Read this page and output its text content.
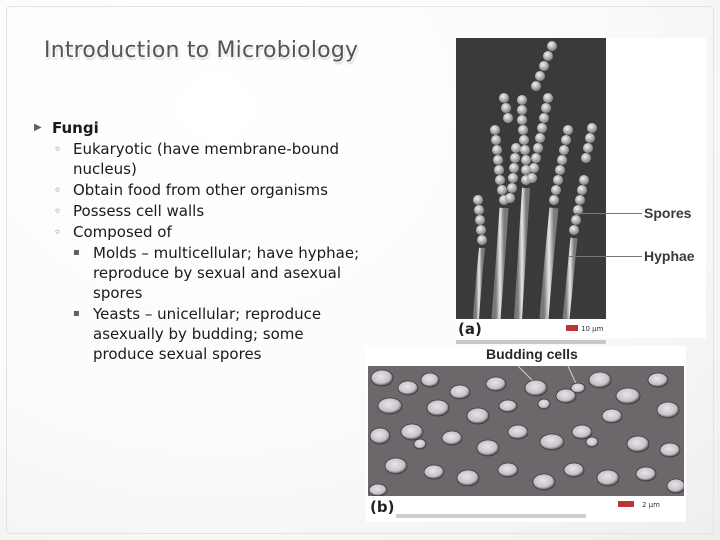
Introduction to Microbiology
▶ Fungi
◦ Eukaryotic (have membrane-bound nucleus)
◦ Obtain food from other organisms
◦ Possess cell walls
◦ Composed of
▪ Molds – multicellular; have hyphae; reproduce by sexual and asexual spores
▪ Yeasts – unicellular; reproduce asexually by budding; some produce sexual spores
(a)	10 μm
Spores
Hyphae
Budding cells
(b)	2 μm
